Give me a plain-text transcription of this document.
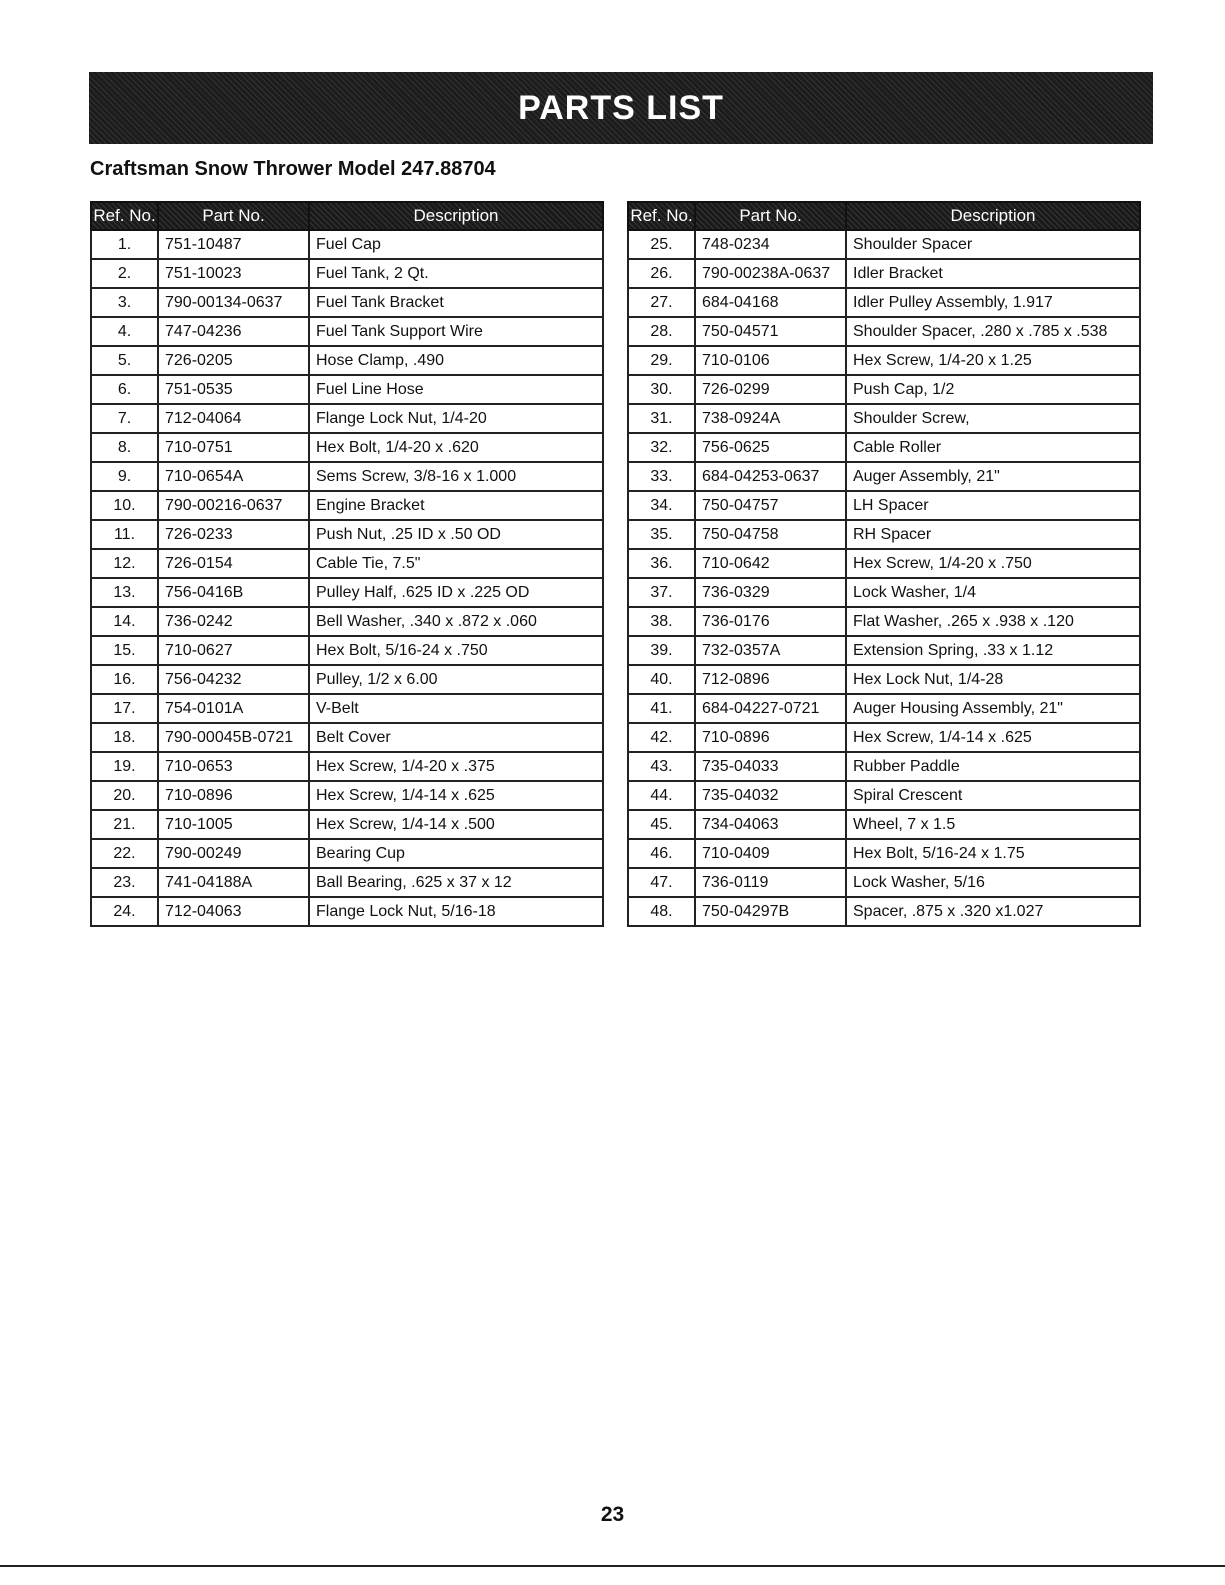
PARTS LIST
Craftsman Snow Thrower Model 247.88704
Ref. No.	Part No.	Description
1.	751-10487	Fuel Cap
2.	751-10023	Fuel Tank, 2 Qt.
3.	790-00134-0637	Fuel Tank Bracket
4.	747-04236	Fuel Tank Support Wire
5.	726-0205	Hose Clamp, .490
6.	751-0535	Fuel Line Hose
7.	712-04064	Flange Lock Nut, 1/4-20
8.	710-0751	Hex Bolt, 1/4-20 x .620
9.	710-0654A	Sems Screw, 3/8-16 x 1.000
10.	790-00216-0637	Engine Bracket
11.	726-0233	Push Nut, .25 ID x .50 OD
12.	726-0154	Cable Tie, 7.5"
13.	756-0416B	Pulley Half, .625 ID x .225 OD
14.	736-0242	Bell Washer, .340 x .872 x .060
15.	710-0627	Hex Bolt, 5/16-24 x .750
16.	756-04232	Pulley, 1/2 x 6.00
17.	754-0101A	V-Belt
18.	790-00045B-0721	Belt Cover
19.	710-0653	Hex Screw, 1/4-20 x .375
20.	710-0896	Hex Screw, 1/4-14 x .625
21.	710-1005	Hex Screw, 1/4-14 x .500
22.	790-00249	Bearing Cup
23.	741-04188A	Ball Bearing, .625 x 37 x 12
24.	712-04063	Flange Lock Nut, 5/16-18
Ref. No.	Part No.	Description
25.	748-0234	Shoulder Spacer
26.	790-00238A-0637	Idler Bracket
27.	684-04168	Idler Pulley Assembly, 1.917
28.	750-04571	Shoulder Spacer, .280 x .785 x .538
29.	710-0106	Hex Screw, 1/4-20 x 1.25
30.	726-0299	Push Cap, 1/2
31.	738-0924A	Shoulder Screw,
32.	756-0625	Cable Roller
33.	684-04253-0637	Auger Assembly, 21"
34.	750-04757	LH Spacer
35.	750-04758	RH Spacer
36.	710-0642	Hex Screw, 1/4-20 x .750
37.	736-0329	Lock Washer, 1/4
38.	736-0176	Flat Washer, .265 x .938 x .120
39.	732-0357A	Extension Spring, .33 x 1.12
40.	712-0896	Hex Lock Nut, 1/4-28
41.	684-04227-0721	Auger Housing Assembly, 21"
42.	710-0896	Hex Screw, 1/4-14 x .625
43.	735-04033	Rubber Paddle
44.	735-04032	Spiral Crescent
45.	734-04063	Wheel, 7 x 1.5
46.	710-0409	Hex Bolt, 5/16-24 x 1.75
47.	736-0119	Lock Washer, 5/16
48.	750-04297B	Spacer, .875 x .320 x1.027
23
